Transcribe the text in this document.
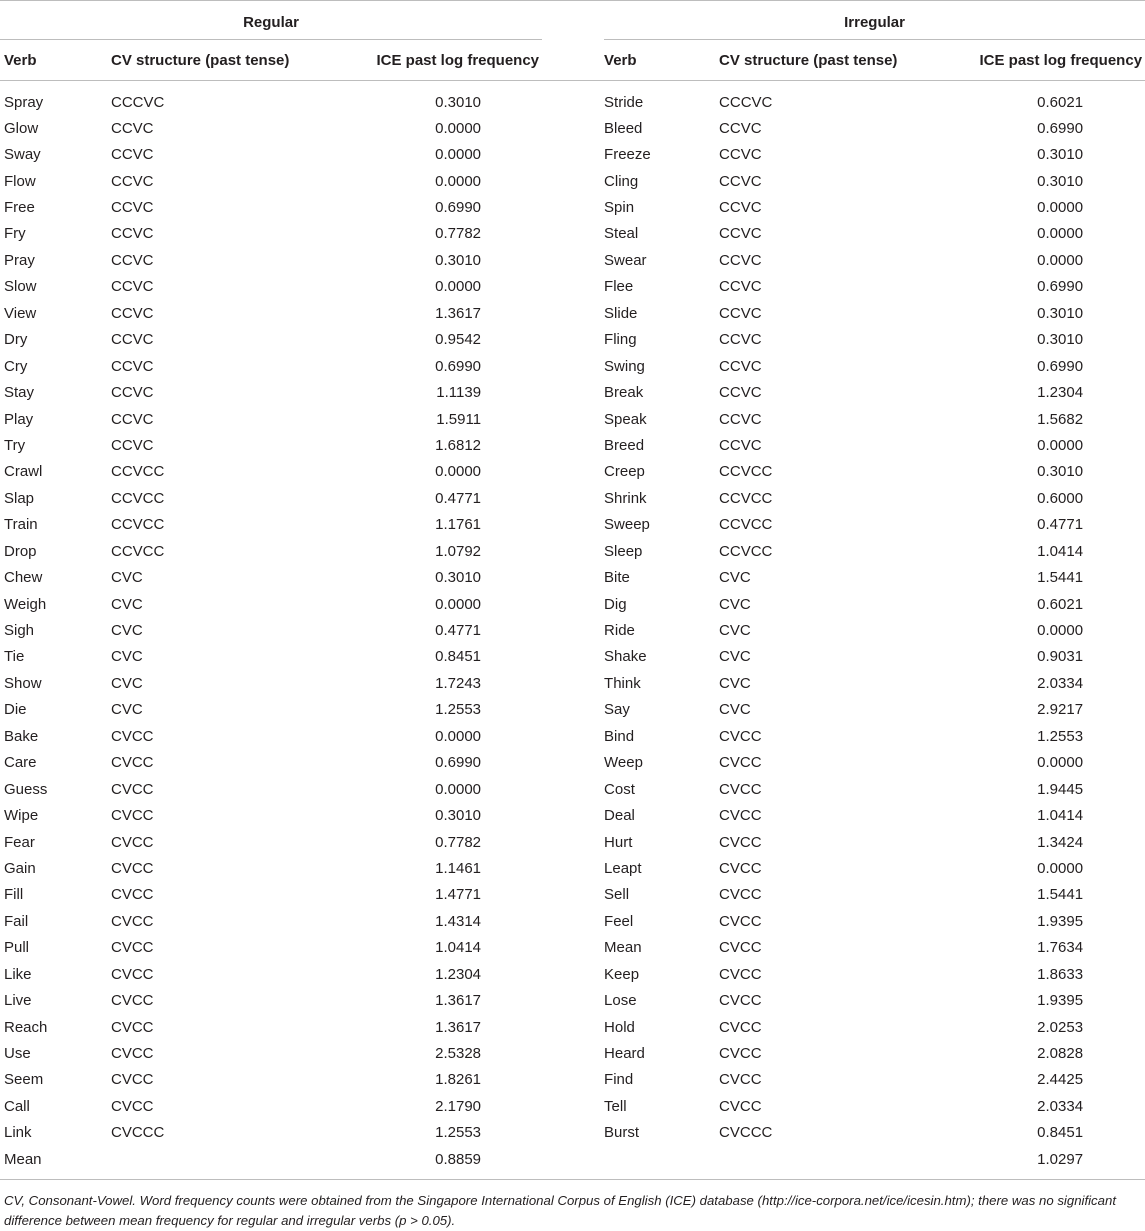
Regular				Irregular		
Verb	CV structure (past tense)	ICE past log frequency		Verb	CV structure (past tense)	ICE past log frequency
Spray	CCCVC	0.3010		Stride	CCCVC	0.6021
Glow	CCVC	0.0000		Bleed	CCVC	0.6990
Sway	CCVC	0.0000		Freeze	CCVC	0.3010
Flow	CCVC	0.0000		Cling	CCVC	0.3010
Free	CCVC	0.6990		Spin	CCVC	0.0000
Fry	CCVC	0.7782		Steal	CCVC	0.0000
Pray	CCVC	0.3010		Swear	CCVC	0.0000
Slow	CCVC	0.0000		Flee	CCVC	0.6990
View	CCVC	1.3617		Slide	CCVC	0.3010
Dry	CCVC	0.9542		Fling	CCVC	0.3010
Cry	CCVC	0.6990		Swing	CCVC	0.6990
Stay	CCVC	1.1139		Break	CCVC	1.2304
Play	CCVC	1.5911		Speak	CCVC	1.5682
Try	CCVC	1.6812		Breed	CCVC	0.0000
Crawl	CCVCC	0.0000		Creep	CCVCC	0.3010
Slap	CCVCC	0.4771		Shrink	CCVCC	0.6000
Train	CCVCC	1.1761		Sweep	CCVCC	0.4771
Drop	CCVCC	1.0792		Sleep	CCVCC	1.0414
Chew	CVC	0.3010		Bite	CVC	1.5441
Weigh	CVC	0.0000		Dig	CVC	0.6021
Sigh	CVC	0.4771		Ride	CVC	0.0000
Tie	CVC	0.8451		Shake	CVC	0.9031
Show	CVC	1.7243		Think	CVC	2.0334
Die	CVC	1.2553		Say	CVC	2.9217
Bake	CVCC	0.0000		Bind	CVCC	1.2553
Care	CVCC	0.6990		Weep	CVCC	0.0000
Guess	CVCC	0.0000		Cost	CVCC	1.9445
Wipe	CVCC	0.3010		Deal	CVCC	1.0414
Fear	CVCC	0.7782		Hurt	CVCC	1.3424
Gain	CVCC	1.1461		Leapt	CVCC	0.0000
Fill	CVCC	1.4771		Sell	CVCC	1.5441
Fail	CVCC	1.4314		Feel	CVCC	1.9395
Pull	CVCC	1.0414		Mean	CVCC	1.7634
Like	CVCC	1.2304		Keep	CVCC	1.8633
Live	CVCC	1.3617		Lose	CVCC	1.9395
Reach	CVCC	1.3617		Hold	CVCC	2.0253
Use	CVCC	2.5328		Heard	CVCC	2.0828
Seem	CVCC	1.8261		Find	CVCC	2.4425
Call	CVCC	2.1790		Tell	CVCC	2.0334
Link	CVCCC	1.2553		Burst	CVCCC	0.8451
Mean		0.8859				1.0297
CV, Consonant-Vowel. Word frequency counts were obtained from the Singapore International Corpus of English (ICE) database (http://ice-corpora.net/ice/icesin.htm); there was no significant difference between mean frequency for regular and irregular verbs (p > 0.05).
